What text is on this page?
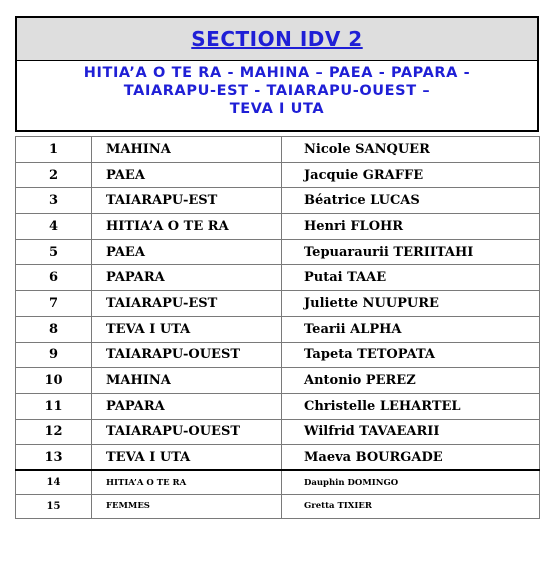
SECTION IDV 2
HITIA’A O TE RA - MAHINA – PAEA - PAPARA -
TAIARAPU-EST - TAIARAPU-OUEST –
TEVA I UTA
1	MAHINA	Nicole SANQUER
2	PAEA	Jacquie GRAFFE
3	TAIARAPU-EST	Béatrice LUCAS
4	HITIA’A O TE RA	Henri FLOHR
5	PAEA	Tepuaraurii TERIITAHI
6	PAPARA	Putai TAAE
7	TAIARAPU-EST	Juliette NUUPURE
8	TEVA I UTA	Tearii ALPHA
9	TAIARAPU-OUEST	Tapeta TETOPATA
10	MAHINA	Antonio PEREZ
11	PAPARA	Christelle LEHARTEL
12	TAIARAPU-OUEST	Wilfrid TAVAEARII
13	TEVA I UTA	Maeva BOURGADE
14	HITIA’A O TE RA	Dauphin DOMINGO
15	FEMMES	Gretta TIXIER
